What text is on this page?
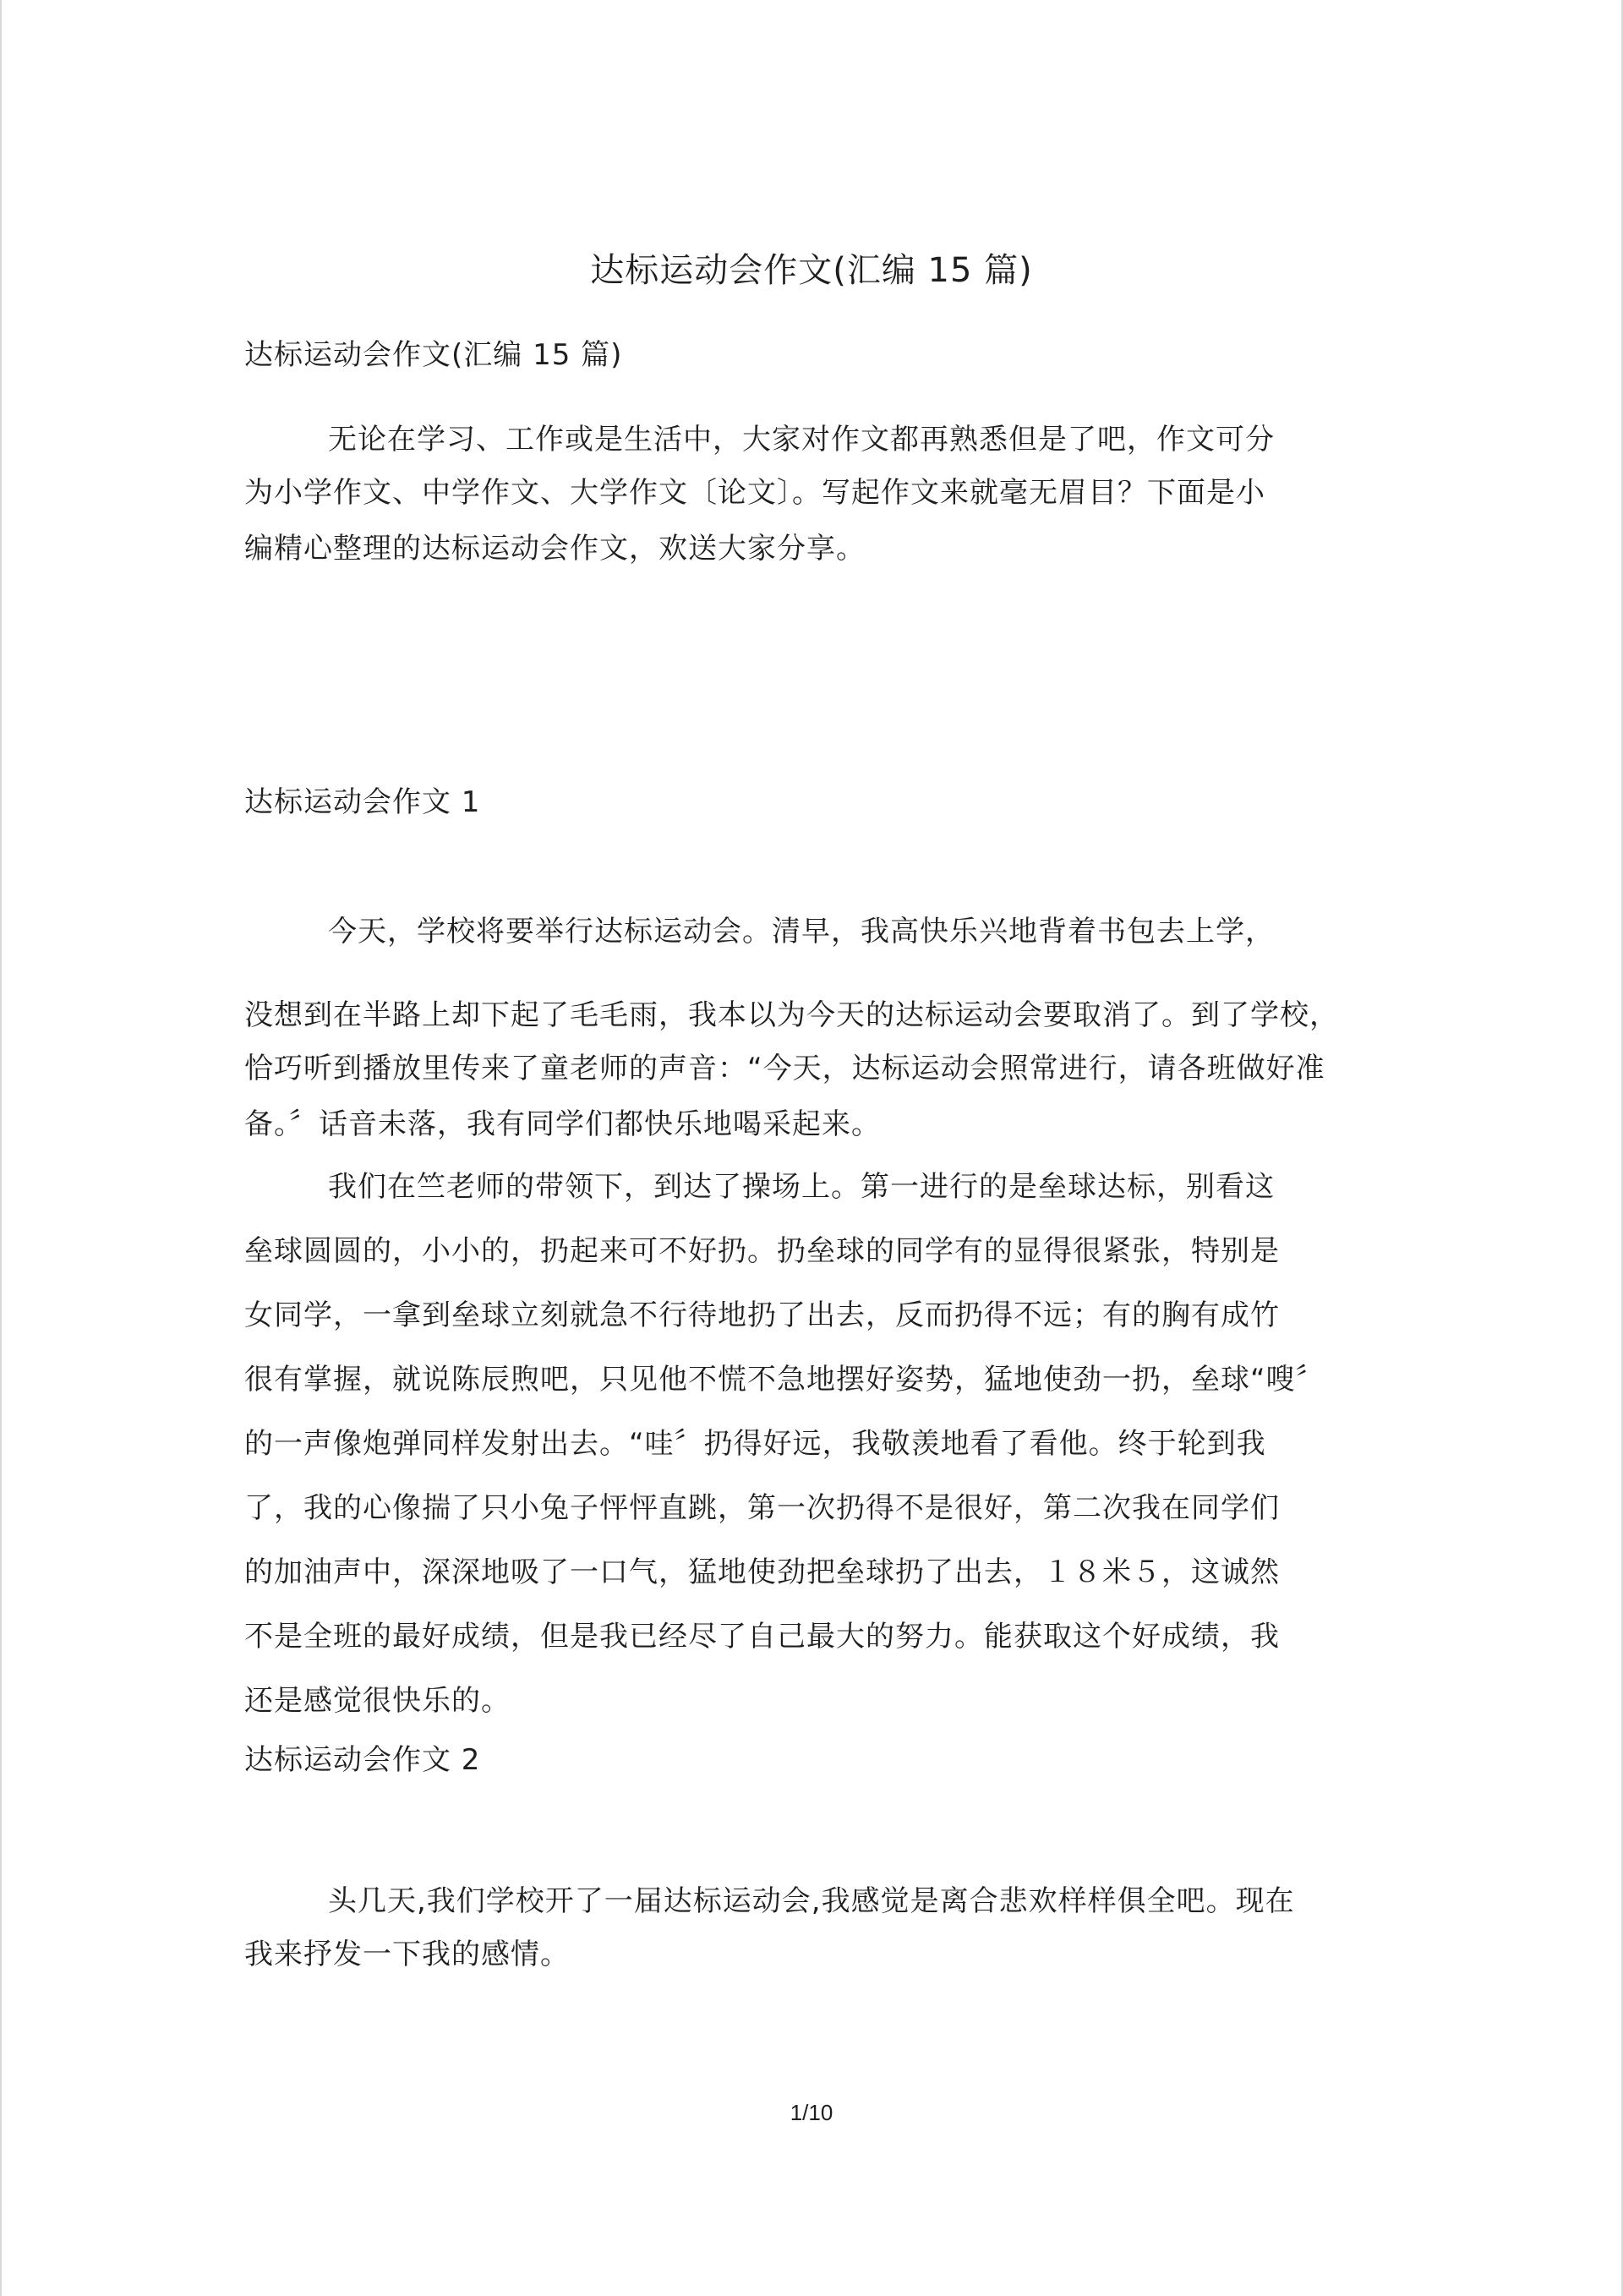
达标运动会作文(汇编 15 篇)
达标运动会作文(汇编 15 篇)
无论在学习、工作或是生活中，大家对作文都再熟悉但是了吧，作文可分
为小学作文、中学作文、大学作文〔论文〕。写起作文来就毫无眉目？下面是小
编精心整理的达标运动会作文，欢送大家分享。
达标运动会作文 1
今天，学校将要举行达标运动会。清早，我高快乐兴地背着书包去上学，
没想到在半路上却下起了毛毛雨，我本以为今天的达标运动会要取消了。到了学校，
恰巧听到播放里传来了童老师的声音：“今天，达标运动会照常进行，请各班做好准
备。〞话音未落，我有同学们都快乐地喝采起来。
我们在竺老师的带领下，到达了操场上。第一进行的是垒球达标，别看这
垒球圆圆的，小小的，扔起来可不好扔。扔垒球的同学有的显得很紧张，特别是
女同学，一拿到垒球立刻就急不行待地扔了出去，反而扔得不远；有的胸有成竹
很有掌握，就说陈辰煦吧，只见他不慌不急地摆好姿势，猛地使劲一扔，垒球“嗖〞
的一声像炮弹同样发射出去。“哇〞扔得好远，我敬羡地看了看他。终于轮到我
了，我的心像揣了只小兔子怦怦直跳，第一次扔得不是很好，第二次我在同学们
的加油声中，深深地吸了一口气，猛地使劲把垒球扔了出去，１８米５，这诚然
不是全班的最好成绩，但是我已经尽了自己最大的努力。能获取这个好成绩，我
还是感觉很快乐的。
达标运动会作文 2
头几天,我们学校开了一届达标运动会,我感觉是离合悲欢样样俱全吧。现在
我来抒发一下我的感情。
1/10
